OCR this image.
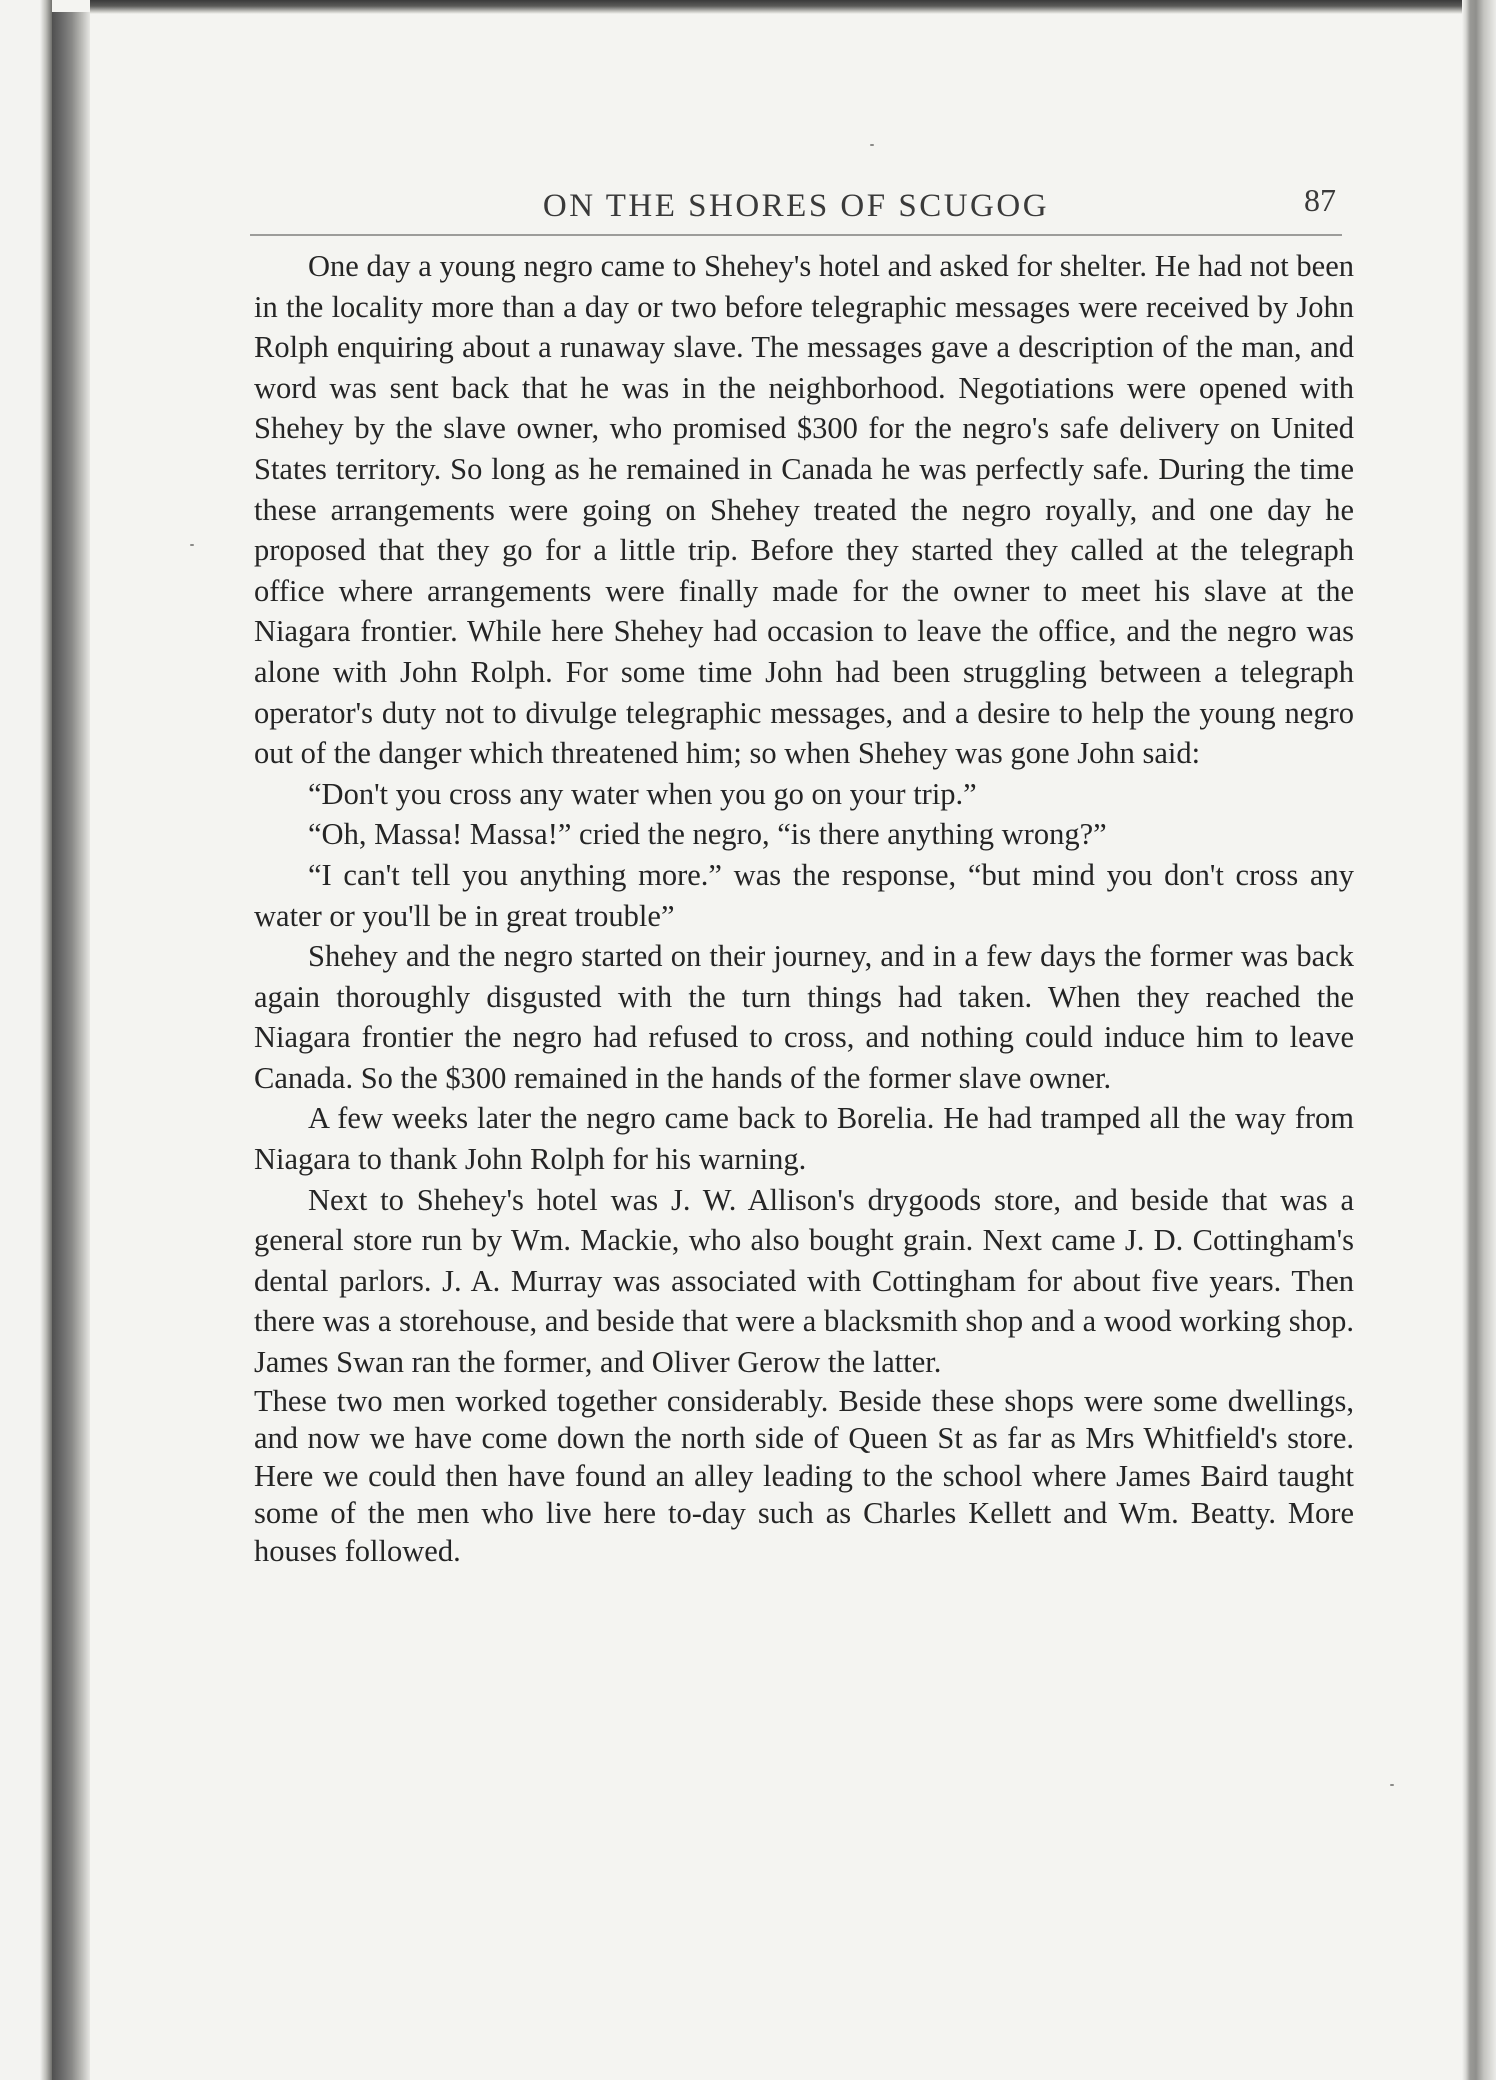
ON THE SHORES OF SCUGOG	87

One day a young negro came to Shehey's hotel and asked for shelter. He had not been in the locality more than a day or two before telegraphic messages were received by John Rolph enquiring about a runaway slave. The messages gave a description of the man, and word was sent back that he was in the neighborhood. Negotiations were opened with Shehey by the slave owner, who promised $300 for the negro's safe delivery on United States territory. So long as he remained in Canada he was perfectly safe. During the time these arrangements were going on Shehey treated the negro royally, and one day he proposed that they go for a little trip. Before they started they called at the telegraph office where arrangements were finally made for the owner to meet his slave at the Niagara frontier. While here Shehey had occasion to leave the office, and the negro was alone with John Rolph. For some time John had been struggling between a telegraph operator's duty not to divulge telegraphic messages, and a desire to help the young negro out of the danger which threatened him; so when Shehey was gone John said:

“Don't you cross any water when you go on your trip.”

“Oh, Massa! Massa!” cried the negro, “is there anything wrong?”

“I can't tell you anything more.” was the response, “but mind you don't cross any water or you'll be in great trouble”

Shehey and the negro started on their journey, and in a few days the former was back again thoroughly disgusted with the turn things had taken. When they reached the Niagara frontier the negro had refused to cross, and nothing could induce him to leave Canada. So the $300 remained in the hands of the former slave owner.

A few weeks later the negro came back to Borelia. He had tramped all the way from Niagara to thank John Rolph for his warning.

Next to Shehey's hotel was J. W. Allison's drygoods store, and beside that was a general store run by Wm. Mackie, who also bought grain. Next came J. D. Cottingham's dental parlors. J. A. Murray was associated with Cottingham for about five years. Then there was a storehouse, and beside that were a blacksmith shop and a wood working shop. James Swan ran the former, and Oliver Gerow the latter.

These two men worked together considerably. Beside these shops were some dwellings, and now we have come down the north side of Queen St as far as Mrs Whitfield's store. Here we could then have found an alley leading to the school where James Baird taught some of the men who live here to-day such as Charles Kellett and Wm. Beatty. More houses followed.
